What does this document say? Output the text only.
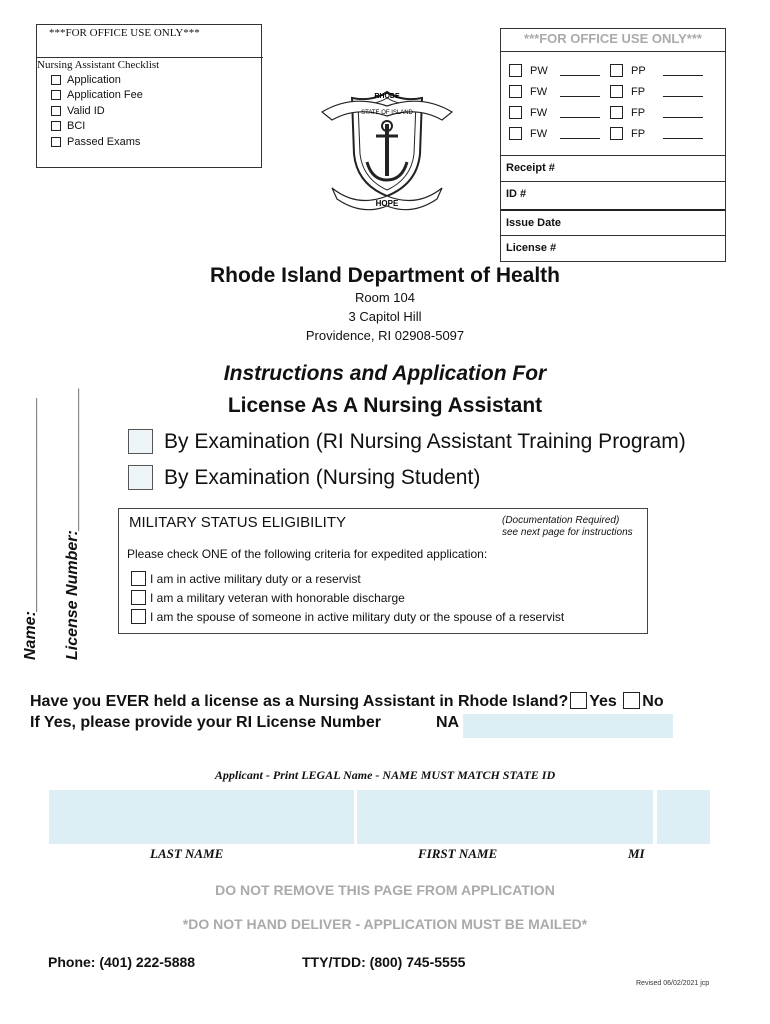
***FOR OFFICE USE ONLY***
Nursing Assistant Checklist
Application
Application Fee
Valid ID
BCI
Passed Exams
RHODE
STATE OF ISLAND
HOPE
***FOR OFFICE USE ONLY***
PW	PP
FW	FP
FW	FP
FW	FP
Receipt #
ID #
Issue Date
License #
Name:________________________ License Number:________________
Rhode Island Department of Health
Room 104
3 Capitol Hill
Providence, RI 02908-5097
Instructions and Application For
License As A Nursing Assistant
By Examination (RI Nursing Assistant Training Program)
By Examination (Nursing Student)
MILITARY STATUS ELIGIBILITY	(Documentation Required)
see next page for instructions
Please check ONE of the following criteria for expedited application:
I am in active military duty or a reservist
I am a military veteran with honorable discharge
I am the spouse of someone in active military duty or the spouse of a reservist
Have you EVER held a license as a Nursing Assistant in Rhode Island? Yes No
If Yes, please provide your RI License Number	NA
Applicant - Print LEGAL Name - NAME MUST MATCH STATE ID
LAST NAME	FIRST NAME	MI
DO NOT REMOVE THIS PAGE FROM APPLICATION
*DO NOT HAND DELIVER - APPLICATION MUST BE MAILED*
Phone: (401) 222-5888	TTY/TDD: (800) 745-5555
Revised 06/02/2021 jcp
